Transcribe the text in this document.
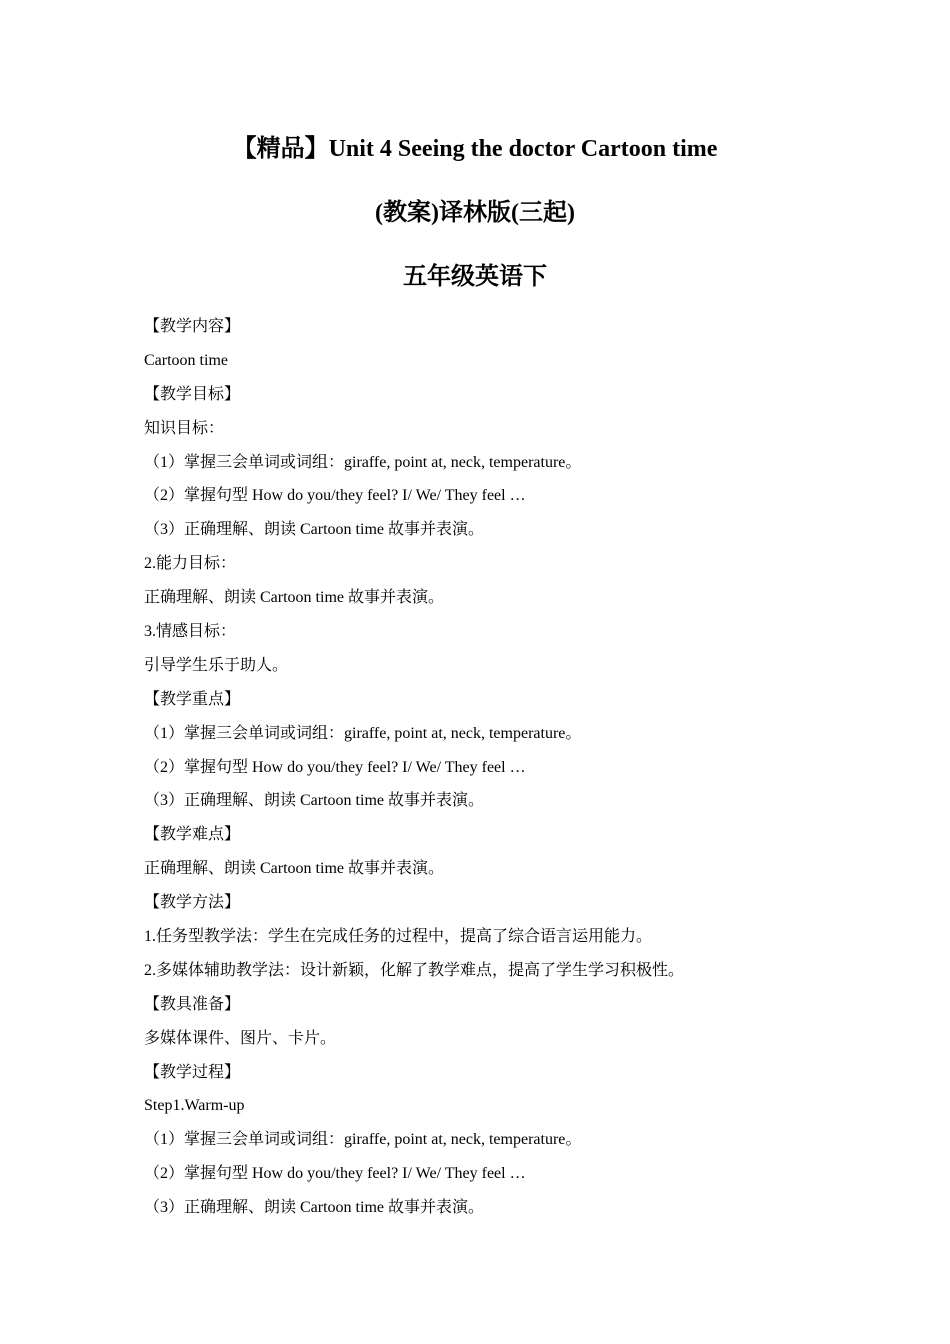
【精品】Unit 4 Seeing the doctor Cartoon time
(教案)译林版(三起)
五年级英语下
【教学内容】
Cartoon time
【教学目标】
知识目标：
（1）掌握三会单词或词组：giraffe, point at, neck, temperature。
（2）掌握句型 How do you/they feel? I/ We/ They feel …
（3）正确理解、朗读 Cartoon time 故事并表演。
2.能力目标：
正确理解、朗读 Cartoon time 故事并表演。
3.情感目标：
引导学生乐于助人。
【教学重点】
（1）掌握三会单词或词组：giraffe, point at, neck, temperature。
（2）掌握句型 How do you/they feel? I/ We/ They feel …
（3）正确理解、朗读 Cartoon time 故事并表演。
【教学难点】
正确理解、朗读 Cartoon time 故事并表演。
【教学方法】
1.任务型教学法：学生在完成任务的过程中，提高了综合语言运用能力。
2.多媒体辅助教学法：设计新颖，化解了教学难点，提高了学生学习积极性。
【教具准备】
多媒体课件、图片、卡片。
【教学过程】
Step1.Warm-up
（1）掌握三会单词或词组：giraffe, point at, neck, temperature。
（2）掌握句型 How do you/they feel? I/ We/ They feel …
（3）正确理解、朗读 Cartoon time 故事并表演。
